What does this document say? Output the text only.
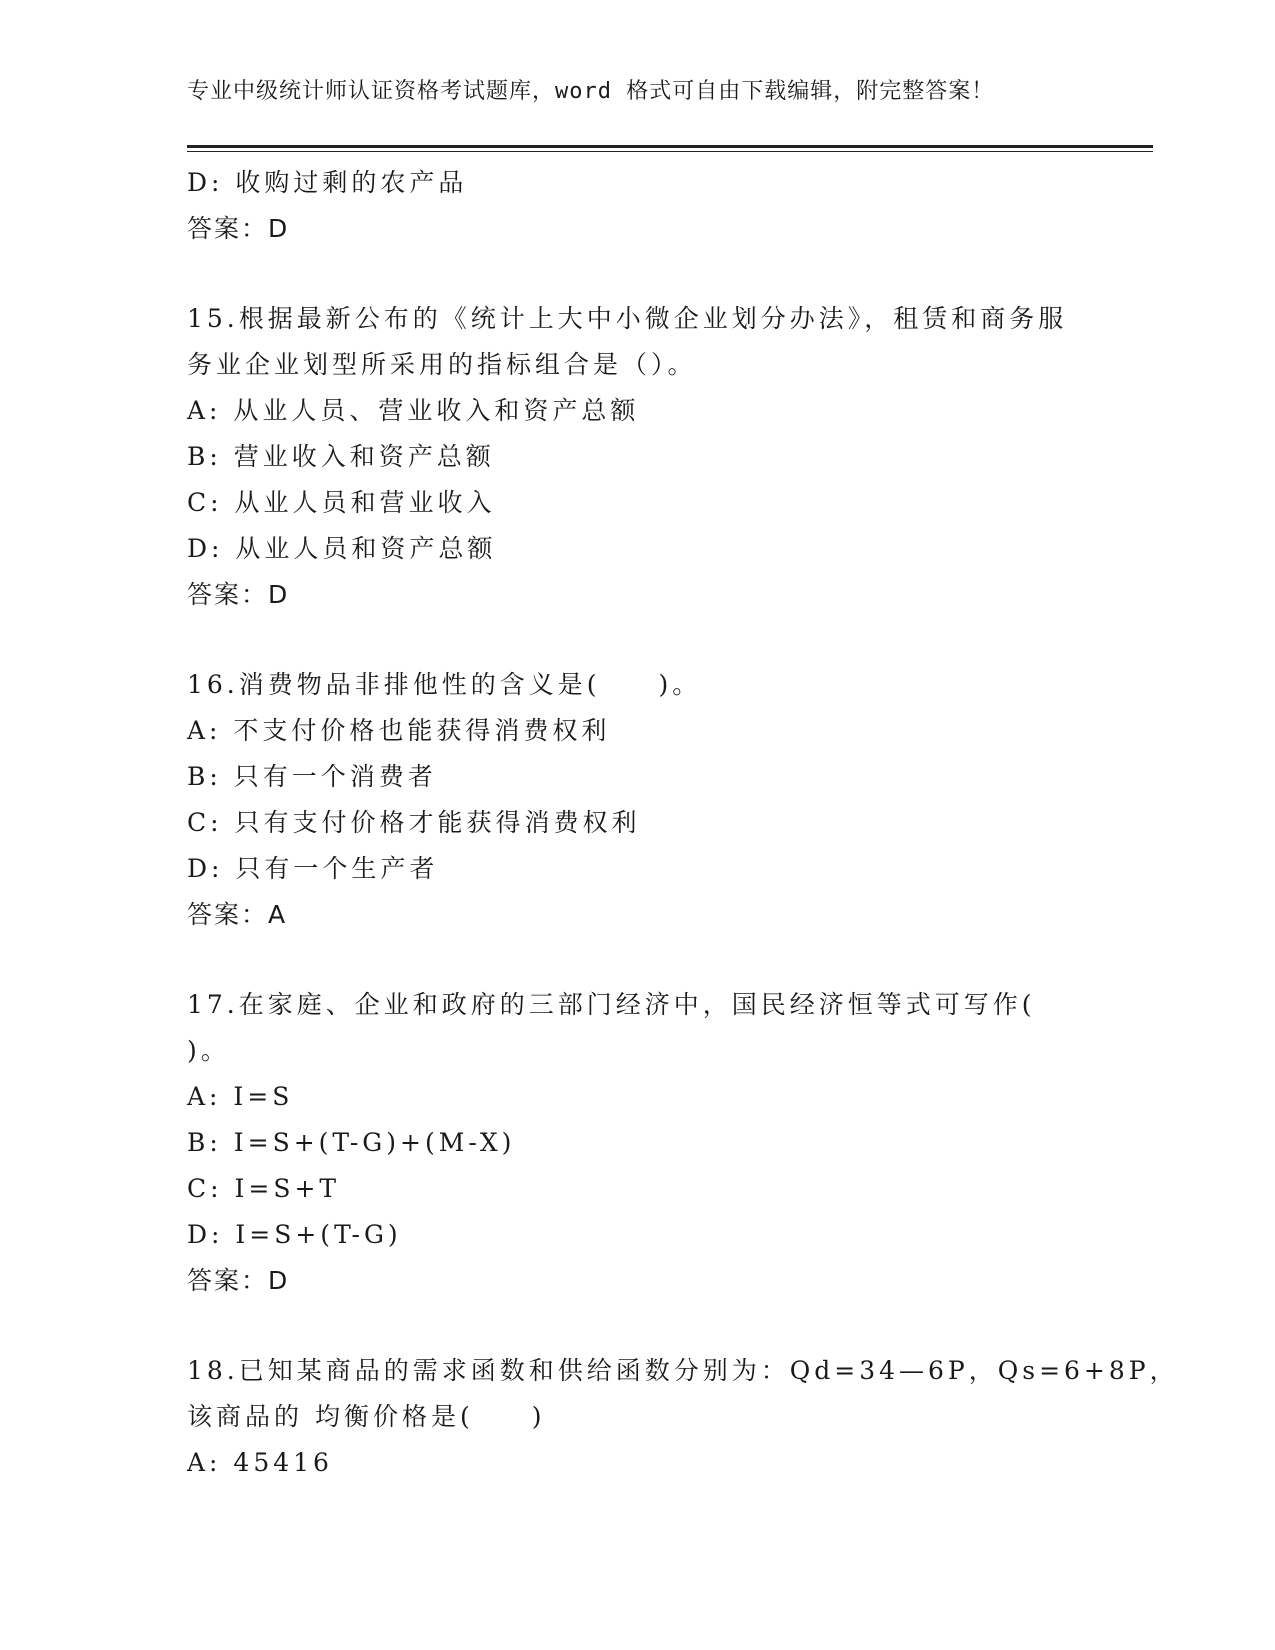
专业中级统计师认证资格考试题库，word 格式可自由下载编辑，附完整答案！
D: 收购过剩的农产品
答案：D
15.根据最新公布的《统计上大中小微企业划分办法》，租赁和商务服
务业企业划型所采用的指标组合是（）。
A: 从业人员、营业收入和资产总额
B: 营业收入和资产总额
C: 从业人员和营业收入
D: 从业人员和资产总额
答案：D
16.消费物品非排他性的含义是(　　)。
A: 不支付价格也能获得消费权利
B: 只有一个消费者
C: 只有支付价格才能获得消费权利
D: 只有一个生产者
答案：A
17.在家庭、企业和政府的三部门经济中，国民经济恒等式可写作(
)。
A: I=S
B: I=S+(T-G)+(M-X)
C: I=S+T
D: I=S+(T-G)
答案：D
18.已知某商品的需求函数和供给函数分别为：Qd=34—6P，Qs=6+8P，
该商品的 均衡价格是(　　)
A: 45416
